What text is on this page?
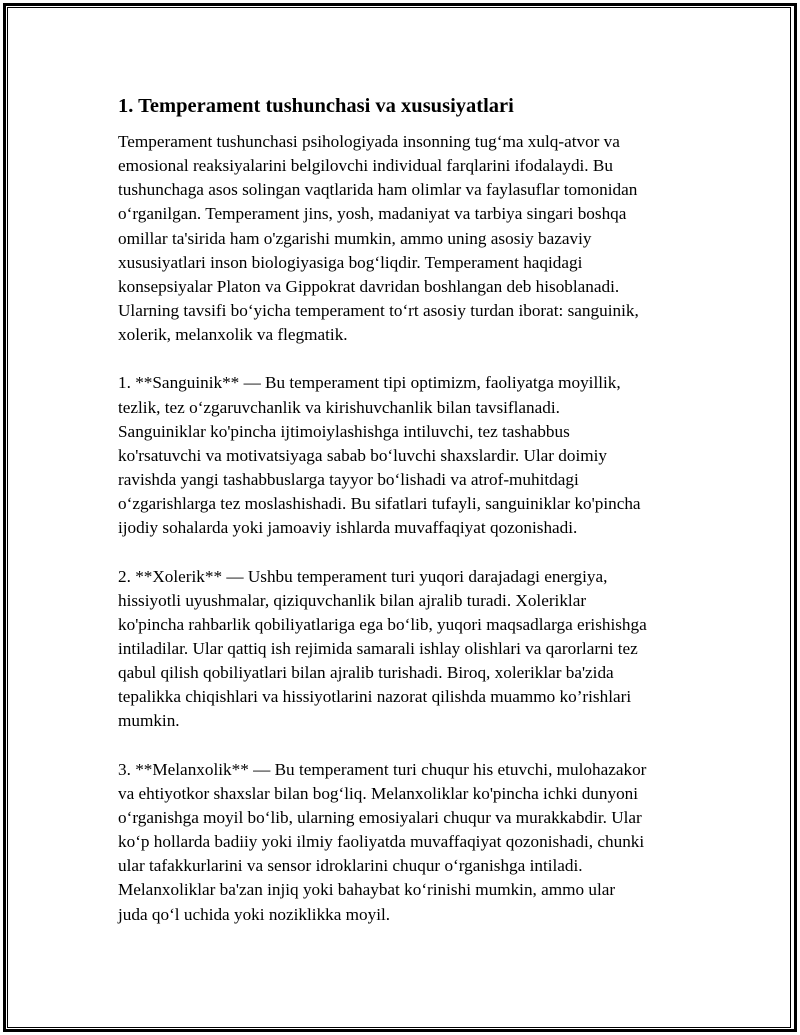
1. Temperament tushunchasi va xususiyatlari

Temperament tushunchasi psihologiyada insonning tug‘ma xulq-atvor va
emosional reaksiyalarini belgilovchi individual farqlarini ifodalaydi. Bu
tushunchaga asos solingan vaqtlarida ham olimlar va faylasuflar tomonidan
o‘rganilgan. Temperament jins, yosh, madaniyat va tarbiya singari boshqa
omillar ta'sirida ham o'zgarishi mumkin, ammo uning asosiy bazaviy
xususiyatlari inson biologiyasiga bog‘liqdir. Temperament haqidagi
konsepsiyalar Platon va Gippokrat davridan boshlangan deb hisoblanadi.
Ularning tavsifi bo‘yicha temperament to‘rt asosiy turdan iborat: sanguinik,
xolerik, melanxolik va flegmatik.

1. **Sanguinik** — Bu temperament tipi optimizm, faoliyatga moyillik,
tezlik, tez o‘zgaruvchanlik va kirishuvchanlik bilan tavsiflanadi.
Sanguiniklar ko'pincha ijtimoiylashishga intiluvchi, tez tashabbus
ko'rsatuvchi va motivatsiyaga sabab bo‘luvchi shaxslardir. Ular doimiy
ravishda yangi tashabbuslarga tayyor bo‘lishadi va atrof-muhitdagi
o‘zgarishlarga tez moslashishadi. Bu sifatlari tufayli, sanguiniklar ko'pincha
ijodiy sohalarda yoki jamoaviy ishlarda muvaffaqiyat qozonishadi.

2. **Xolerik** — Ushbu temperament turi yuqori darajadagi energiya,
hissiyotli uyushmalar, qiziquvchanlik bilan ajralib turadi. Xoleriklar
ko'pincha rahbarlik qobiliyatlariga ega bo‘lib, yuqori maqsadlarga erishishga
intiladilar. Ular qattiq ish rejimida samarali ishlay olishlari va qarorlarni tez
qabul qilish qobiliyatlari bilan ajralib turishadi. Biroq, xoleriklar ba'zida
tepalikka chiqishlari va hissiyotlarini nazorat qilishda muammo ko’rishlari
mumkin.

3. **Melanxolik** — Bu temperament turi chuqur his etuvchi, mulohazakor
va ehtiyotkor shaxslar bilan bog‘liq. Melanxoliklar ko'pincha ichki dunyoni
o‘rganishga moyil bo‘lib, ularning emosiyalari chuqur va murakkabdir. Ular
ko‘p hollarda badiiy yoki ilmiy faoliyatda muvaffaqiyat qozonishadi, chunki
ular tafakkurlarini va sensor idroklarini chuqur o‘rganishga intiladi.
Melanxoliklar ba'zan injiq yoki bahaybat ko‘rinishi mumkin, ammo ular
juda qo‘l uchida yoki noziklikka moyil.
